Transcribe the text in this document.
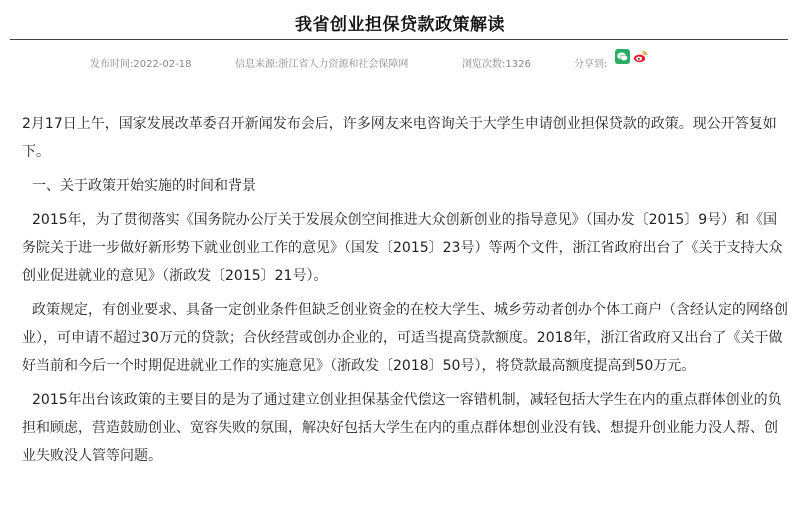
我省创业担保贷款政策解读
发布时间:2022-02-18	信息来源:浙江省人力资源和社会保障网	浏览次数:1326	分享到:

2月17日上午，国家发展改革委召开新闻发布会后，许多网友来电咨询关于大学生申请创业担保贷款的政策。现公开答复如下。

一、关于政策开始实施的时间和背景

2015年，为了贯彻落实《国务院办公厅关于发展众创空间推进大众创新创业的指导意见》（国办发〔2015〕9号）和《国务院关于进一步做好新形势下就业创业工作的意见》（国发〔2015〕23号）等两个文件，浙江省政府出台了《关于支持大众创业促进就业的意见》（浙政发〔2015〕21号）。

政策规定，有创业要求、具备一定创业条件但缺乏创业资金的在校大学生、城乡劳动者创办个体工商户（含经认定的网络创业），可申请不超过30万元的贷款；合伙经营或创办企业的，可适当提高贷款额度。2018年，浙江省政府又出台了《关于做好当前和今后一个时期促进就业工作的实施意见》（浙政发〔2018〕50号），将贷款最高额度提高到50万元。

2015年出台该政策的主要目的是为了通过建立创业担保基金代偿这一容错机制，减轻包括大学生在内的重点群体创业的负担和顾虑，营造鼓励创业、宽容失败的氛围，解决好包括大学生在内的重点群体想创业没有钱、想提升创业能力没人帮、创业失败没人管等问题。
